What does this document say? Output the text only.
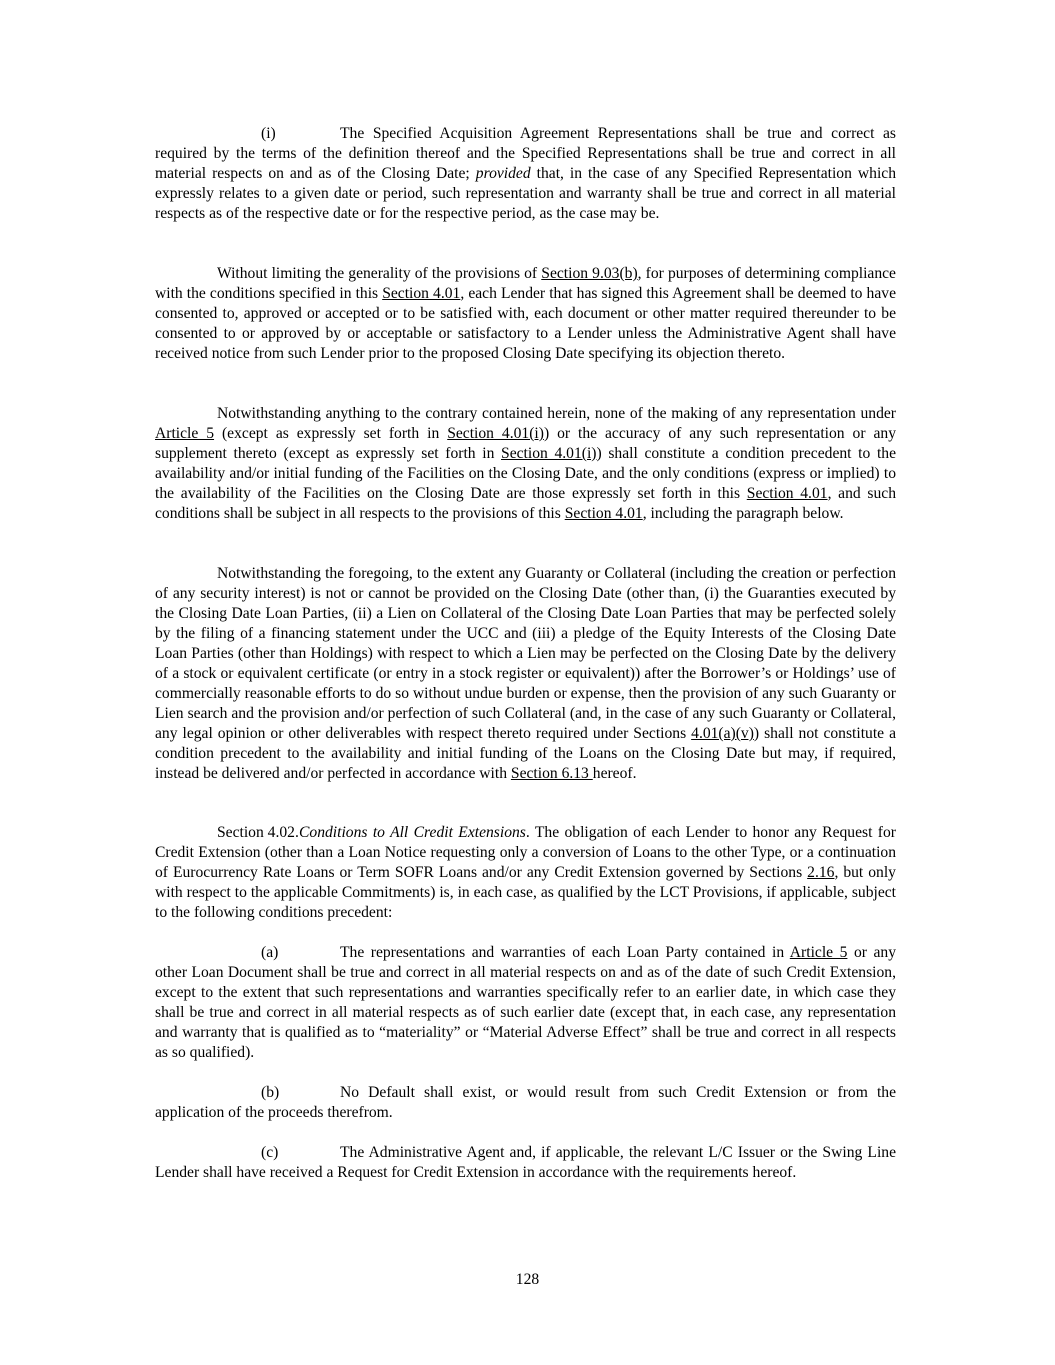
(i)	The Specified Acquisition Agreement Representations shall be true and correct as required by the terms of the definition thereof and the Specified Representations shall be true and correct in all material respects on and as of the Closing Date; provided that, in the case of any Specified Representation which expressly relates to a given date or period, such representation and warranty shall be true and correct in all material respects as of the respective date or for the respective period, as the case may be.

Without limiting the generality of the provisions of Section 9.03(b), for purposes of determining compliance with the conditions specified in this Section 4.01, each Lender that has signed this Agreement shall be deemed to have consented to, approved or accepted or to be satisfied with, each document or other matter required thereunder to be consented to or approved by or acceptable or satisfactory to a Lender unless the Administrative Agent shall have received notice from such Lender prior to the proposed Closing Date specifying its objection thereto.

Notwithstanding anything to the contrary contained herein, none of the making of any representation under Article 5 (except as expressly set forth in Section 4.01(i)) or the accuracy of any such representation or any supplement thereto (except as expressly set forth in Section 4.01(i)) shall constitute a condition precedent to the availability and/or initial funding of the Facilities on the Closing Date, and the only conditions (express or implied) to the availability of the Facilities on the Closing Date are those expressly set forth in this Section 4.01, and such conditions shall be subject in all respects to the provisions of this Section 4.01, including the paragraph below.

Notwithstanding the foregoing, to the extent any Guaranty or Collateral (including the creation or perfection of any security interest) is not or cannot be provided on the Closing Date (other than, (i) the Guaranties executed by the Closing Date Loan Parties, (ii) a Lien on Collateral of the Closing Date Loan Parties that may be perfected solely by the filing of a financing statement under the UCC and (iii) a pledge of the Equity Interests of the Closing Date Loan Parties (other than Holdings) with respect to which a Lien may be perfected on the Closing Date by the delivery of a stock or equivalent certificate (or entry in a stock register or equivalent)) after the Borrower’s or Holdings’ use of commercially reasonable efforts to do so without undue burden or expense, then the provision of any such Guaranty or Lien search and the provision and/or perfection of such Collateral (and, in the case of any such Guaranty or Collateral, any legal opinion or other deliverables with respect thereto required under Sections 4.01(a)(v)) shall not constitute a condition precedent to the availability and initial funding of the Loans on the Closing Date but may, if required, instead be delivered and/or perfected in accordance with Section 6.13 hereof.

Section 4.02.Conditions to All Credit Extensions. The obligation of each Lender to honor any Request for Credit Extension (other than a Loan Notice requesting only a conversion of Loans to the other Type, or a continuation of Eurocurrency Rate Loans or Term SOFR Loans and/or any Credit Extension governed by Sections 2.16, but only with respect to the applicable Commitments) is, in each case, as qualified by the LCT Provisions, if applicable, subject to the following conditions precedent:

(a)	The representations and warranties of each Loan Party contained in Article 5 or any other Loan Document shall be true and correct in all material respects on and as of the date of such Credit Extension, except to the extent that such representations and warranties specifically refer to an earlier date, in which case they shall be true and correct in all material respects as of such earlier date (except that, in each case, any representation and warranty that is qualified as to “materiality” or “Material Adverse Effect” shall be true and correct in all respects as so qualified).

(b)	No Default shall exist, or would result from such Credit Extension or from the application of the proceeds therefrom.

(c)	The Administrative Agent and, if applicable, the relevant L/C Issuer or the Swing Line Lender shall have received a Request for Credit Extension in accordance with the requirements hereof.

128
